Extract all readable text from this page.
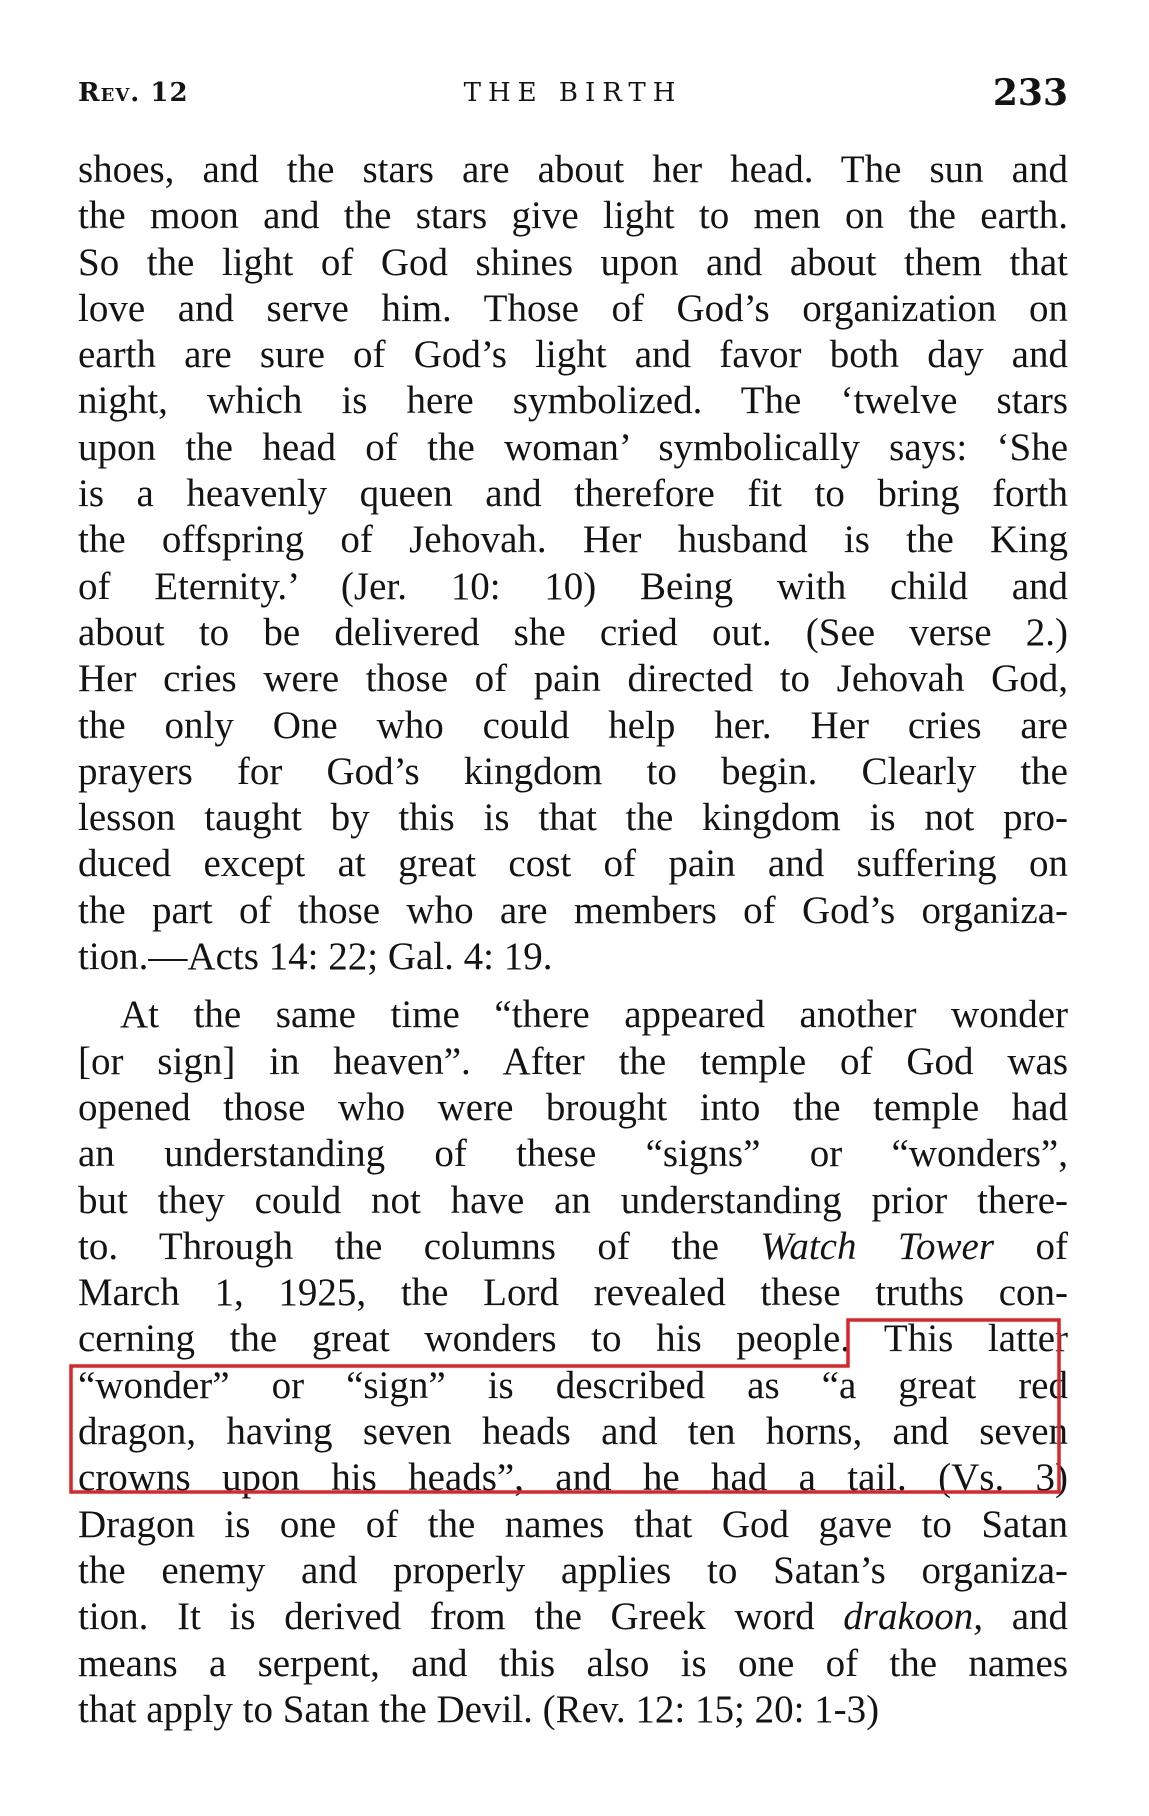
Rev. 12	THE BIRTH	233
shoes, and the stars are about her head. The sun and
the moon and the stars give light to men on the earth.
So the light of God shines upon and about them that
love and serve him. Those of God’s organization on
earth are sure of God’s light and favor both day and
night, which is here symbolized. The ‘twelve stars
upon the head of the woman’ symbolically says: ‘She
is a heavenly queen and therefore fit to bring forth
the offspring of Jehovah. Her husband is the King
of Eternity.’ (Jer. 10: 10) Being with child and
about to be delivered she cried out. (See verse 2.)
Her cries were those of pain directed to Jehovah God,
the only One who could help her. Her cries are
prayers for God’s kingdom to begin. Clearly the
lesson taught by this is that the kingdom is not pro-
duced except at great cost of pain and suffering on
the part of those who are members of God’s organiza-
tion.—Acts 14: 22; Gal. 4: 19.
At the same time “there appeared another wonder
[or sign] in heaven”. After the temple of God was
opened those who were brought into the temple had
an understanding of these “signs” or “wonders”,
but they could not have an understanding prior there-
to. Through the columns of the Watch Tower of
March 1, 1925, the Lord revealed these truths con-
cerning the great wonders to his people. This latter
“wonder” or “sign” is described as “a great red
dragon, having seven heads and ten horns, and seven
crowns upon his heads”, and he had a tail. (Vs. 3)
Dragon is one of the names that God gave to Satan
the enemy and properly applies to Satan’s organiza-
tion. It is derived from the Greek word drakoon, and
means a serpent, and this also is one of the names
that apply to Satan the Devil. (Rev. 12: 15; 20: 1-3)
